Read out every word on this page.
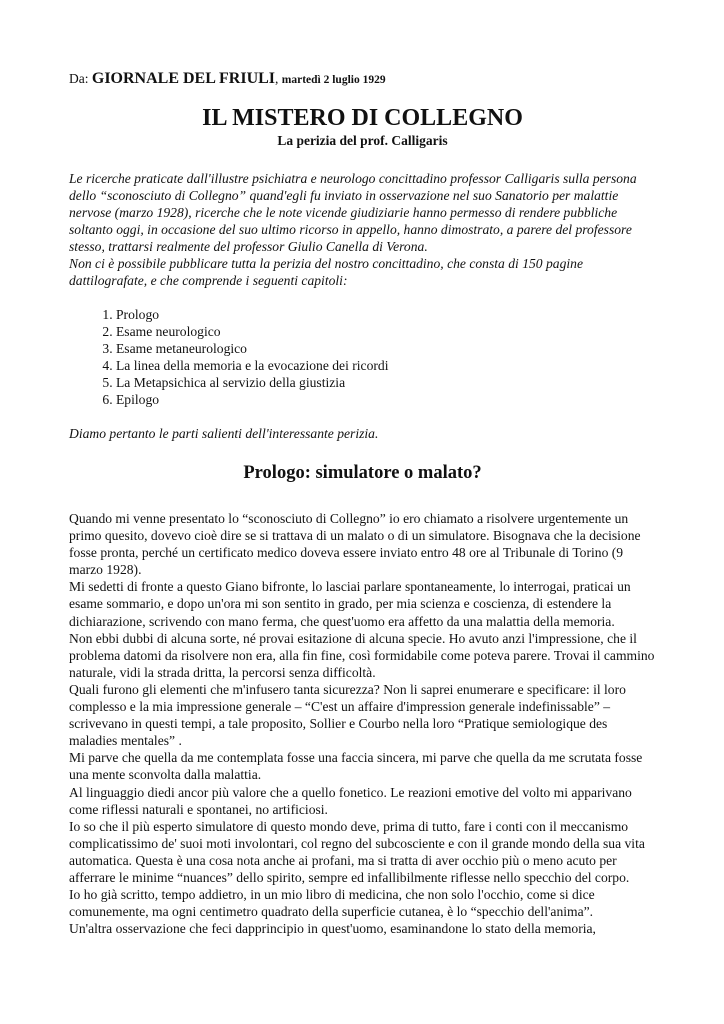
Da: GIORNALE DEL FRIULI, martedì 2 luglio 1929

IL MISTERO DI COLLEGNO
La perizia del prof. Calligaris

Le ricerche praticate dall'illustre psichiatra e neurologo concittadino professor Calligaris sulla persona dello “sconosciuto di Collegno” quand'egli fu inviato in osservazione nel suo Sanatorio per malattie nervose (marzo 1928), ricerche che le note vicende giudiziarie hanno permesso di rendere pubbliche soltanto oggi, in occasione del suo ultimo ricorso in appello, hanno dimostrato, a parere del professore stesso, trattarsi realmente del professor Giulio Canella di Verona.

Non ci è possibile pubblicare tutta la perizia del nostro concittadino, che consta di 150 pagine dattilografate, e che comprende i seguenti capitoli:

1. Prologo
2. Esame neurologico
3. Esame metaneurologico
4. La linea della memoria e la evocazione dei ricordi
5. La Metapsichica al servizio della giustizia
6. Epilogo

Diamo pertanto le parti salienti dell'interessante perizia.

Prologo: simulatore o malato?

Quando mi venne presentato lo “sconosciuto di Collegno” io ero chiamato a risolvere urgentemente un primo quesito, dovevo cioè dire se si trattava di un malato o di un simulatore. Bisognava che la decisione fosse pronta, perché un certificato medico doveva essere inviato entro 48 ore al Tribunale di Torino (9 marzo 1928).

Mi sedetti di fronte a questo Giano bifronte, lo lasciai parlare spontaneamente, lo interrogai, praticai un esame sommario, e dopo un'ora mi son sentito in grado, per mia scienza e coscienza, di estendere la dichiarazione, scrivendo con mano ferma, che quest'uomo era affetto da una malattia della memoria.

Non ebbi dubbi di alcuna sorte, né provai esitazione di alcuna specie. Ho avuto anzi l'impressione, che il problema datomi da risolvere non era, alla fin fine, così formidabile come poteva parere. Trovai il cammino naturale, vidi la strada dritta, la percorsi senza difficoltà.

Quali furono gli elementi che m'infusero tanta sicurezza? Non li saprei enumerare e specificare: il loro complesso e la mia impressione generale – “C'est un affaire d'impression generale indefinissable” – scrivevano in questi tempi, a tale proposito, Sollier e Courbo nella loro “Pratique semiologique des maladies mentales” .

Mi parve che quella da me contemplata fosse una faccia sincera, mi parve che quella da me scrutata fosse una mente sconvolta dalla malattia.

Al linguaggio diedi ancor più valore che a quello fonetico. Le reazioni emotive del volto mi apparivano come riflessi naturali e spontanei, no artificiosi.

Io so che il più esperto simulatore di questo mondo deve, prima di tutto, fare i conti con il meccanismo complicatissimo de' suoi moti involontari, col regno del subcosciente e con il grande mondo della sua vita automatica. Questa è una cosa nota anche ai profani, ma si tratta di aver occhio più o meno acuto per afferrare le minime “nuances” dello spirito, sempre ed infallibilmente riflesse nello specchio del corpo.

Io ho già scritto, tempo addietro, in un mio libro di medicina, che non solo l'occhio, come si dice comunemente, ma ogni centimetro quadrato della superficie cutanea, è lo “specchio dell'anima”.

Un'altra osservazione che feci dapprincipio in quest'uomo, esaminandone lo stato della memoria,
